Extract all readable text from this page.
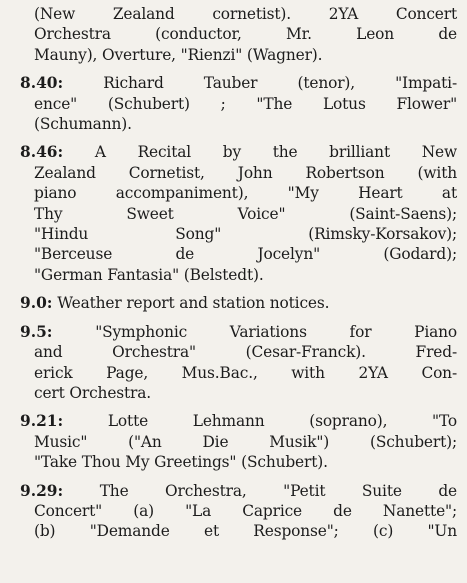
(New Zealand cornetist). 2YA Concert
Orchestra (conductor, Mr. Leon de
Mauny), Overture, "Rienzi" (Wagner).
8.40:	Richard Tauber (tenor), "Impati-
ence" (Schubert) ; "The Lotus Flower"
(Schumann).
8.46: A Recital by the brilliant New
Zealand Cornetist, John Robertson (with
piano accompaniment), "My Heart at
Thy Sweet Voice" (Saint-Saens);
"Hindu Song" (Rimsky-Korsakov);
"Berceuse de Jocelyn" (Godard);
"German Fantasia" (Belstedt).
9.0: Weather report and station notices.
9.5:	"Symphonic Variations for Piano
and Orchestra" (Cesar-Franck). Fred-
erick Page, Mus.Bac., with 2YA Con-
cert Orchestra.
9.21:	Lotte Lehmann (soprano), "To
Music" ("An Die Musik") (Schubert);
"Take Thou My Greetings" (Schubert).
9.29: The Orchestra, "Petit Suite de
Concert" (a) "La Caprice de Nanette";
(b) "Demande et Response"; (c) "Un
